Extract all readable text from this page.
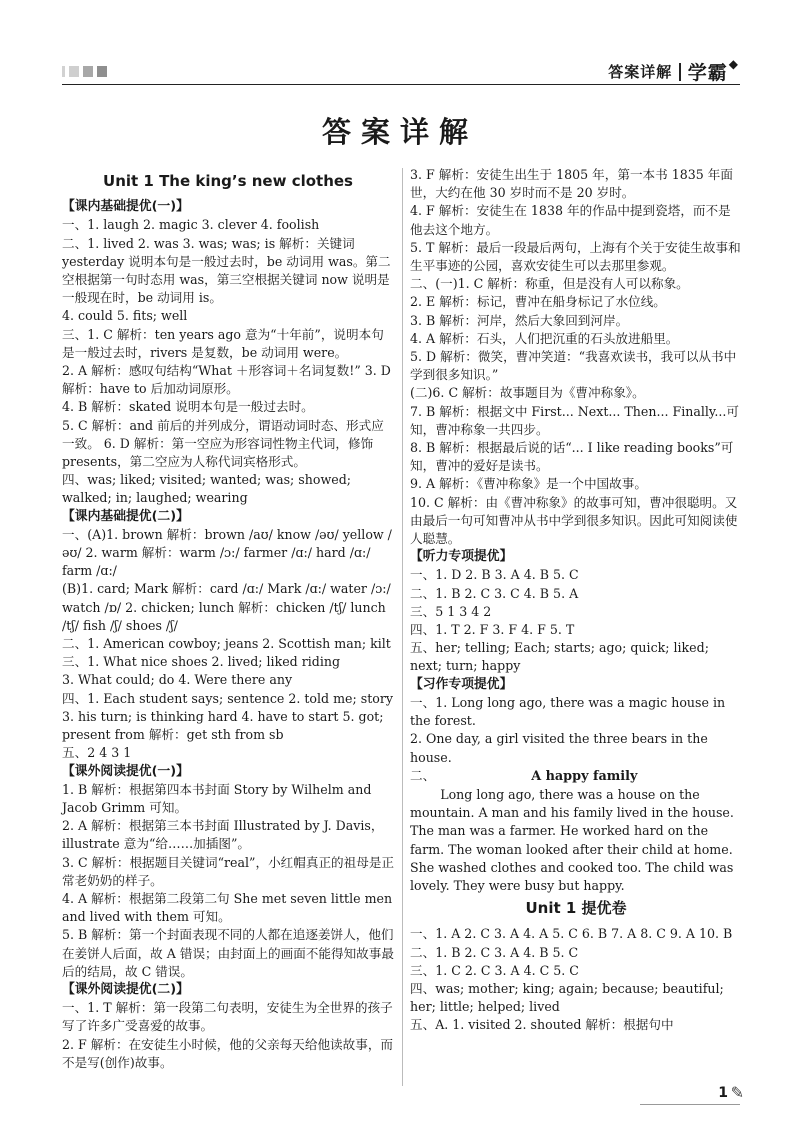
答案详解 学霸 ◆
答案详解
Unit 1 The king’s new clothes
【课内基础提优(一)】
一、1. laugh 2. magic 3. clever 4. foolish
二、1. lived 2. was 3. was; was; is 解析：关键词 yesterday 说明本句是一般过去时，be 动词用 was。第二空根据第一句时态用 was，第三空根据关键词 now 说明是一般现在时，be 动词用 is。
4. could 5. fits; well
三、1. C 解析：ten years ago 意为“十年前”，说明本句是一般过去时，rivers 是复数，be 动词用 were。
2. A 解析：感叹句结构“What ＋形容词＋名词复数!” 3. D 解析：have to 后加动词原形。
4. B 解析：skated 说明本句是一般过去时。
5. C 解析：and 前后的并列成分，谓语动词时态、形式应一致。 6. D 解析：第一空应为形容词性物主代词，修饰 presents，第二空应为人称代词宾格形式。
四、was; liked; visited; wanted; was; showed; walked; in; laughed; wearing
【课内基础提优(二)】
一、(A)1. brown 解析：brown /aʊ/ know /əʊ/ yellow /əʊ/ 2. warm 解析：warm /ɔ:/ farmer /ɑ:/ hard /ɑ:/ farm /ɑ:/
(B)1. card; Mark 解析：card /ɑ:/ Mark /ɑ:/ water /ɔ:/ watch /ɒ/ 2. chicken; lunch 解析：chicken /tʃ/ lunch /tʃ/ fish /ʃ/ shoes /ʃ/
二、1. American cowboy; jeans 2. Scottish man; kilt
三、1. What nice shoes 2. lived; liked riding
3. What could; do 4. Were there any
四、1. Each student says; sentence 2. told me; story 3. his turn; is thinking hard 4. have to start 5. got; present from 解析：get sth from sb
五、2 4 3 1
【课外阅读提优(一)】
1. B 解析：根据第四本书封面 Story by Wilhelm and Jacob Grimm 可知。
2. A 解析：根据第三本书封面 Illustrated by J. Davis，illustrate 意为“给……加插图”。
3. C 解析：根据题目关键词“real”，小红帽真正的祖母是正常老奶奶的样子。
4. A 解析：根据第二段第二句 She met seven little men and lived with them 可知。
5. B 解析：第一个封面表现不同的人都在追逐姜饼人，他们在姜饼人后面，故 A 错误；由封面上的画面不能得知故事最后的结局，故 C 错误。
【课外阅读提优(二)】
一、1. T 解析：第一段第二句表明，安徒生为全世界的孩子写了许多广受喜爱的故事。
2. F 解析：在安徒生小时候，他的父亲每天给他读故事，而不是写(创作)故事。
3. F 解析：安徒生出生于 1805 年，第一本书 1835 年面世，大约在他 30 岁时而不是 20 岁时。
4. F 解析：安徒生在 1838 年的作品中提到瓷塔，而不是他去这个地方。
5. T 解析：最后一段最后两句，上海有个关于安徒生故事和生平事迹的公园，喜欢安徒生可以去那里参观。
二、(一)1. C 解析：称重，但是没有人可以称象。
2. E 解析：标记，曹冲在船身标记了水位线。
3. B 解析：河岸，然后大象回到河岸。
4. A 解析：石头，人们把沉重的石头放进船里。
5. D 解析：微笑，曹冲笑道：“我喜欢读书，我可以从书中学到很多知识。”
(二)6. C 解析：故事题目为《曹冲称象》。
7. B 解析：根据文中 First... Next... Then... Finally...可知，曹冲称象一共四步。
8. B 解析：根据最后说的话“... I like reading books”可知，曹冲的爱好是读书。
9. A 解析：《曹冲称象》是一个中国故事。
10. C 解析：由《曹冲称象》的故事可知，曹冲很聪明。又由最后一句可知曹冲从书中学到很多知识。因此可知阅读使人聪慧。
【听力专项提优】
一、1. D 2. B 3. A 4. B 5. C
二、1. B 2. C 3. C 4. B 5. A
三、5 1 3 4 2
四、1. T 2. F 3. F 4. F 5. T
五、her; telling; Each; starts; ago; quick; liked; next; turn; happy
【习作专项提优】
一、1. Long long ago, there was a magic house in the forest.
2. One day, a girl visited the three bears in the house.
二、	A happy family
Long long ago, there was a house on the mountain. A man and his family lived in the house. The man was a farmer. He worked hard on the farm. The woman looked after their child at home. She washed clothes and cooked too. The child was lovely. They were busy but happy.
Unit 1 提优卷
一、1. A 2. C 3. A 4. A 5. C 6. B 7. A 8. C 9. A 10. B
二、1. B 2. C 3. A 4. B 5. C
三、1. C 2. C 3. A 4. C 5. C
四、was; mother; king; again; because; beautiful; her; little; helped; lived
五、A. 1. visited 2. shouted 解析：根据句中
1 ✎
